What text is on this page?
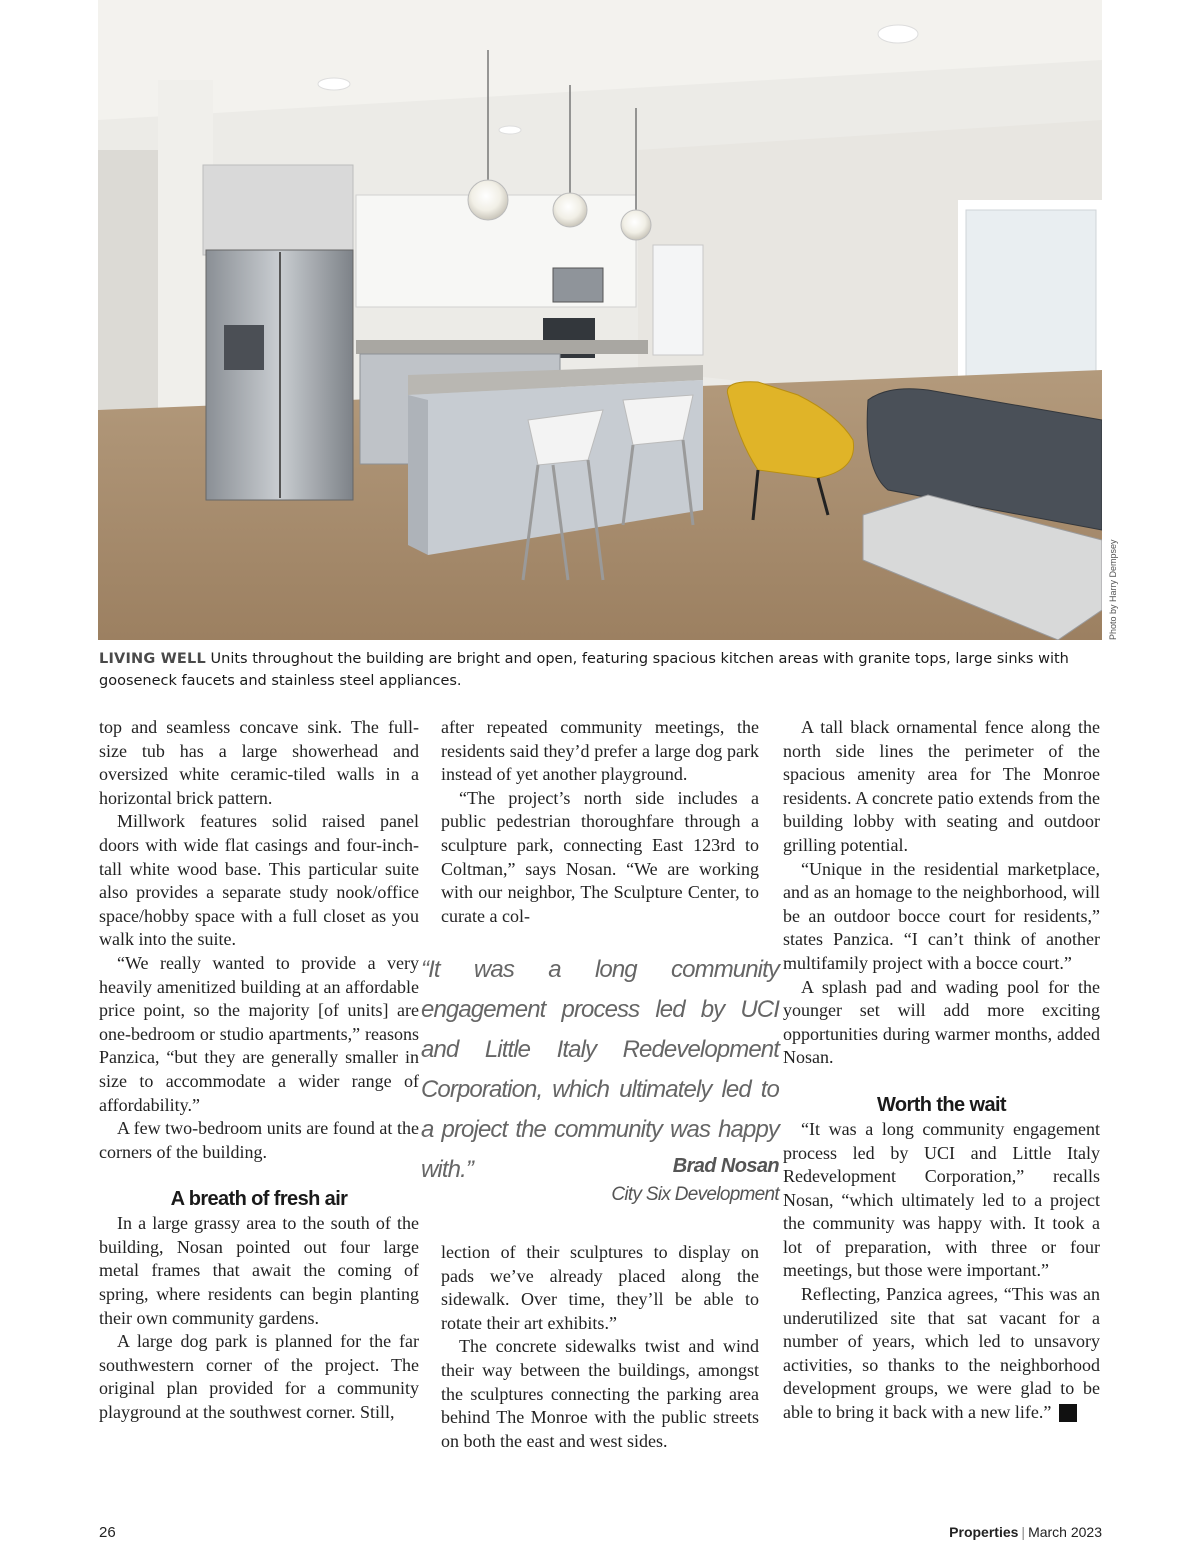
Photo by Harry Dempsey
LIVING WELL Units throughout the building are bright and open, featuring spacious kitchen areas with granite tops, large sinks with gooseneck faucets and stainless steel appliances.

top and seamless concave sink. The full-size tub has a large showerhead and oversized white ceramic-tiled walls in a horizontal brick pattern.

Millwork features solid raised panel doors with wide flat casings and four-inch-tall white wood base. This particular suite also provides a separate study nook/office space/hobby space with a full closet as you walk into the suite.

“We really wanted to provide a very heavily amenitized building at an affordable price point, so the majority [of units] are one-bedroom or studio apartments,” reasons Panzica, “but they are generally smaller in size to accommodate a wider range of affordability.”

A few two-bedroom units are found at the corners of the building.

A breath of fresh air

In a large grassy area to the south of the building, Nosan pointed out four large metal frames that await the coming of spring, where residents can begin planting their own community gardens.

A large dog park is planned for the far southwestern corner of the project. The original plan provided for a community playground at the southwest corner. Still,

after repeated community meetings, the residents said they’d prefer a large dog park instead of yet another playground.

“The project’s north side includes a public pedestrian thoroughfare through a sculpture park, connecting East 123rd to Coltman,” says Nosan. “We are working with our neighbor, The Sculpture Center, to curate a col-

“It was a long community engagement process led by UCI and Little Italy Redevelopment Corporation, which ultimately led to a project the community was happy with.”	Brad Nosan
City Six Development

lection of their sculptures to display on pads we’ve already placed along the sidewalk. Over time, they’ll be able to rotate their art exhibits.”

The concrete sidewalks twist and wind their way between the buildings, amongst the sculptures connecting the parking area behind The Monroe with the public streets on both the east and west sides.

A tall black ornamental fence along the north side lines the perimeter of the spacious amenity area for The Monroe residents. A concrete patio extends from the building lobby with seating and outdoor grilling potential.

“Unique in the residential marketplace, and as an homage to the neighborhood, will be an outdoor bocce court for residents,” states Panzica. “I can’t think of another multifamily project with a bocce court.”

A splash pad and wading pool for the younger set will add more exciting opportunities during warmer months, added Nosan.

Worth the wait

“It was a long community engagement process led by UCI and Little Italy Redevelopment Corporation,” recalls Nosan, “which ultimately led to a project the community was happy with. It took a lot of preparation, with three or four meetings, but those were important.”

Reflecting, Panzica agrees, “This was an underutilized site that sat vacant for a number of years, which led to unsavory activities, so thanks to the neighborhood development groups, we were glad to be able to bring it back with a new life.” P

26	Properties | March 2023
